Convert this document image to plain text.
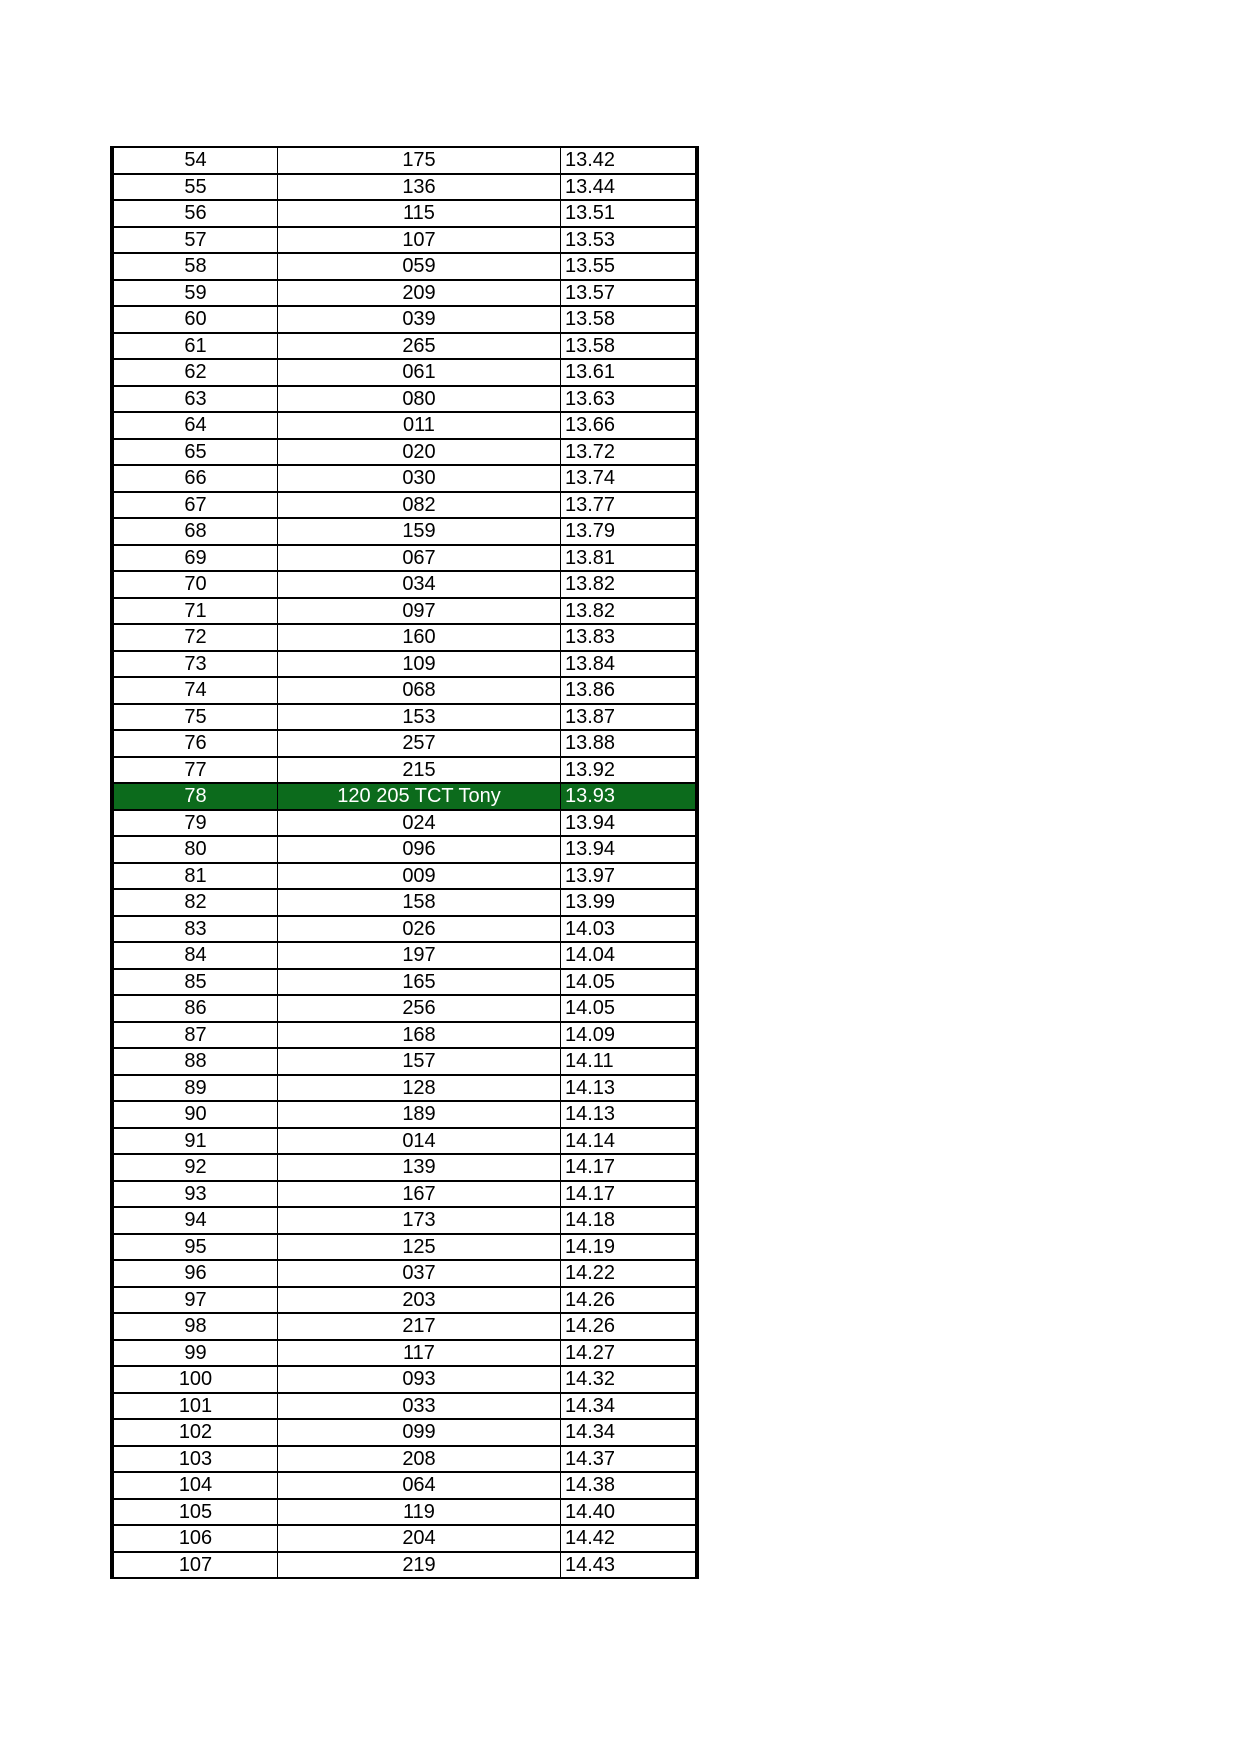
54	175	13.42
55	136	13.44
56	115	13.51
57	107	13.53
58	059	13.55
59	209	13.57
60	039	13.58
61	265	13.58
62	061	13.61
63	080	13.63
64	011	13.66
65	020	13.72
66	030	13.74
67	082	13.77
68	159	13.79
69	067	13.81
70	034	13.82
71	097	13.82
72	160	13.83
73	109	13.84
74	068	13.86
75	153	13.87
76	257	13.88
77	215	13.92
78	120 205 TCT Tony	13.93
79	024	13.94
80	096	13.94
81	009	13.97
82	158	13.99
83	026	14.03
84	197	14.04
85	165	14.05
86	256	14.05
87	168	14.09
88	157	14.11
89	128	14.13
90	189	14.13
91	014	14.14
92	139	14.17
93	167	14.17
94	173	14.18
95	125	14.19
96	037	14.22
97	203	14.26
98	217	14.26
99	117	14.27
100	093	14.32
101	033	14.34
102	099	14.34
103	208	14.37
104	064	14.38
105	119	14.40
106	204	14.42
107	219	14.43
